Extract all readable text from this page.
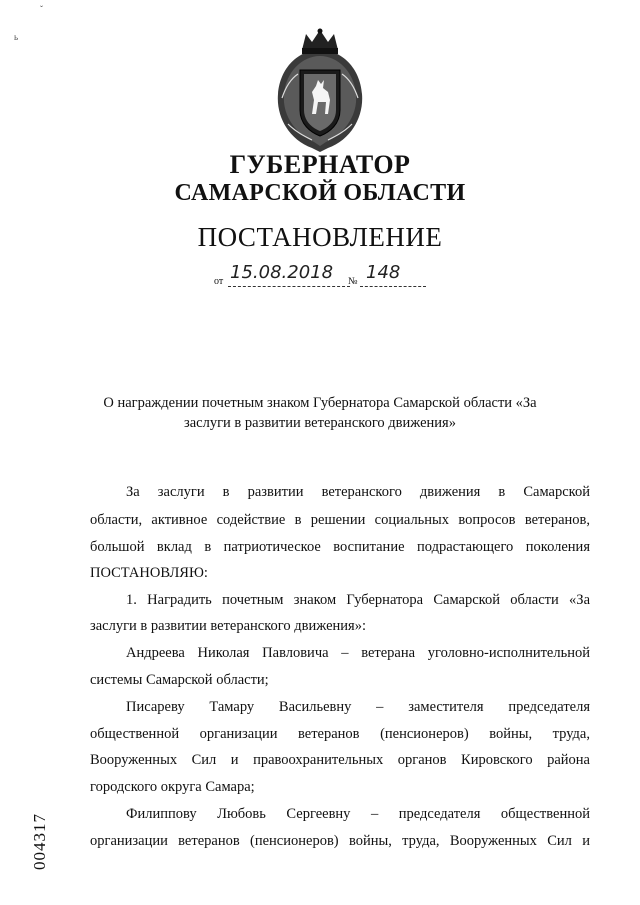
ˇ
ь
ГУБЕРНАТОР
САМАРСКОЙ ОБЛАСТИ
ПОСТАНОВЛЕНИЕ
от 15.08.2018 № 148
О награждении почетным знаком Губернатора Самарской области «За
заслуги в развитии ветеранского движения»
За заслуги в развитии ветеранского движения в Самарской
области, активное содействие в решении социальных вопросов ветеранов,
большой вклад в патриотическое воспитание подрастающего поколения
ПОСТАНОВЛЯЮ:
1. Наградить почетным знаком Губернатора Самарской области «За
заслуги в развитии ветеранского движения»:
Андреева Николая Павловича – ветерана уголовно-исполнительной
системы Самарской области;
Писареву Тамару Васильевну – заместителя председателя
общественной организации ветеранов (пенсионеров) войны, труда,
Вооруженных Сил и правоохранительных органов Кировского района
городского округа Самара;
Филиппову Любовь Сергеевну – председателя общественной
организации ветеранов (пенсионеров) войны, труда, Вооруженных Сил и
004317
